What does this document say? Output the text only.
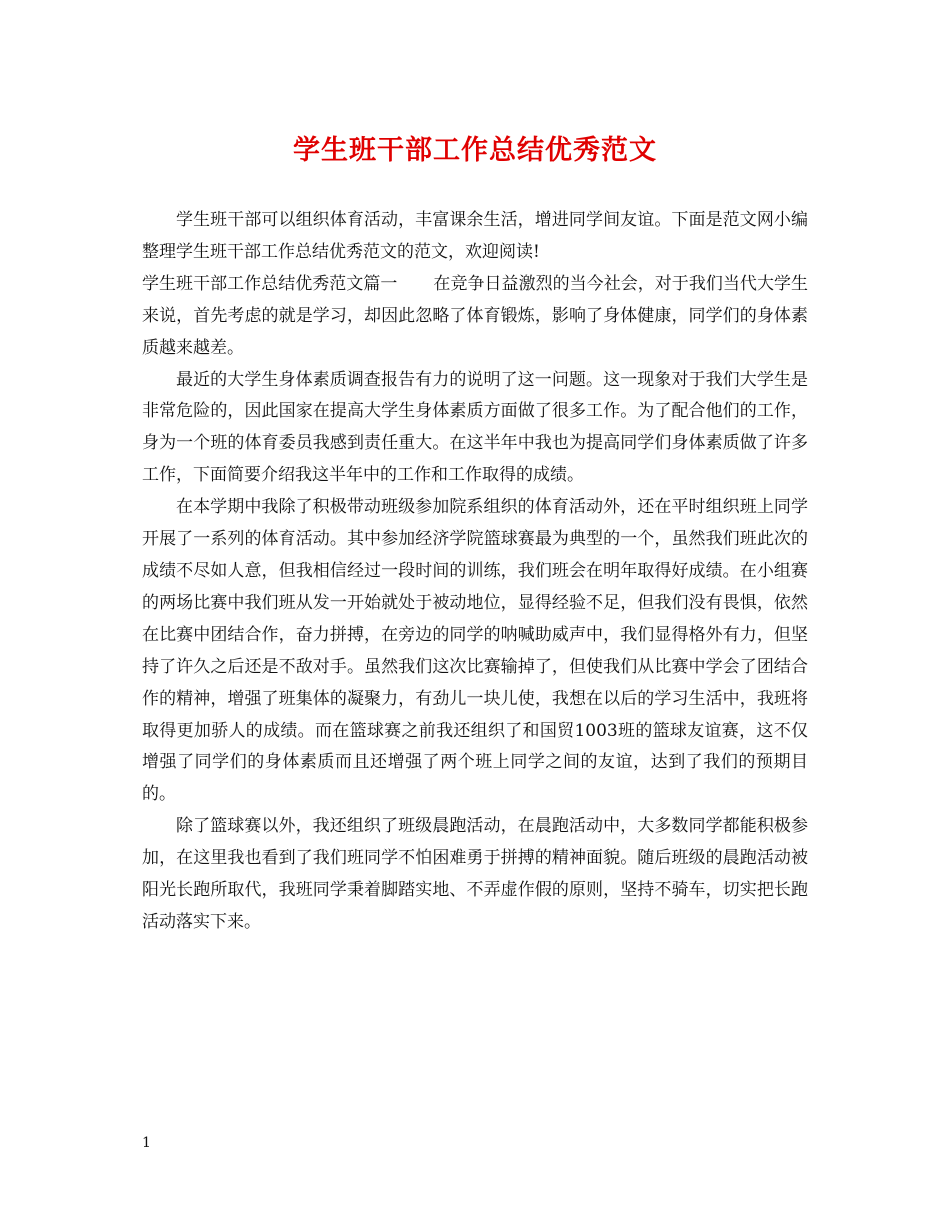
学生班干部工作总结优秀范文

学生班干部可以组织体育活动，丰富课余生活，增进同学间友谊。下面是范文网小编整理学生班干部工作总结优秀范文的范文，欢迎阅读!

学生班干部工作总结优秀范文篇一 在竞争日益激烈的当今社会，对于我们当代大学生来说，首先考虑的就是学习，却因此忽略了体育锻炼，影响了身体健康，同学们的身体素质越来越差。

最近的大学生身体素质调查报告有力的说明了这一问题。这一现象对于我们大学生是非常危险的，因此国家在提高大学生身体素质方面做了很多工作。为了配合他们的工作，身为一个班的体育委员我感到责任重大。在这半年中我也为提高同学们身体素质做了许多工作，下面简要介绍我这半年中的工作和工作取得的成绩。

在本学期中我除了积极带动班级参加院系组织的体育活动外，还在平时组织班上同学开展了一系列的体育活动。其中参加经济学院篮球赛最为典型的一个，虽然我们班此次的成绩不尽如人意，但我相信经过一段时间的训练，我们班会在明年取得好成绩。在小组赛的两场比赛中我们班从发一开始就处于被动地位，显得经验不足，但我们没有畏惧，依然在比赛中团结合作，奋力拼搏，在旁边的同学的呐喊助威声中，我们显得格外有力，但坚持了许久之后还是不敌对手。虽然我们这次比赛输掉了，但使我们从比赛中学会了团结合作的精神，增强了班集体的凝聚力，有劲儿一块儿使，我想在以后的学习生活中，我班将取得更加骄人的成绩。而在篮球赛之前我还组织了和国贸1003班的篮球友谊赛，这不仅增强了同学们的身体素质而且还增强了两个班上同学之间的友谊，达到了我们的预期目的。

除了篮球赛以外，我还组织了班级晨跑活动，在晨跑活动中，大多数同学都能积极参加，在这里我也看到了我们班同学不怕困难勇于拼搏的精神面貌。随后班级的晨跑活动被阳光长跑所取代，我班同学秉着脚踏实地、不弄虚作假的原则，坚持不骑车，切实把长跑活动落实下来。

1
